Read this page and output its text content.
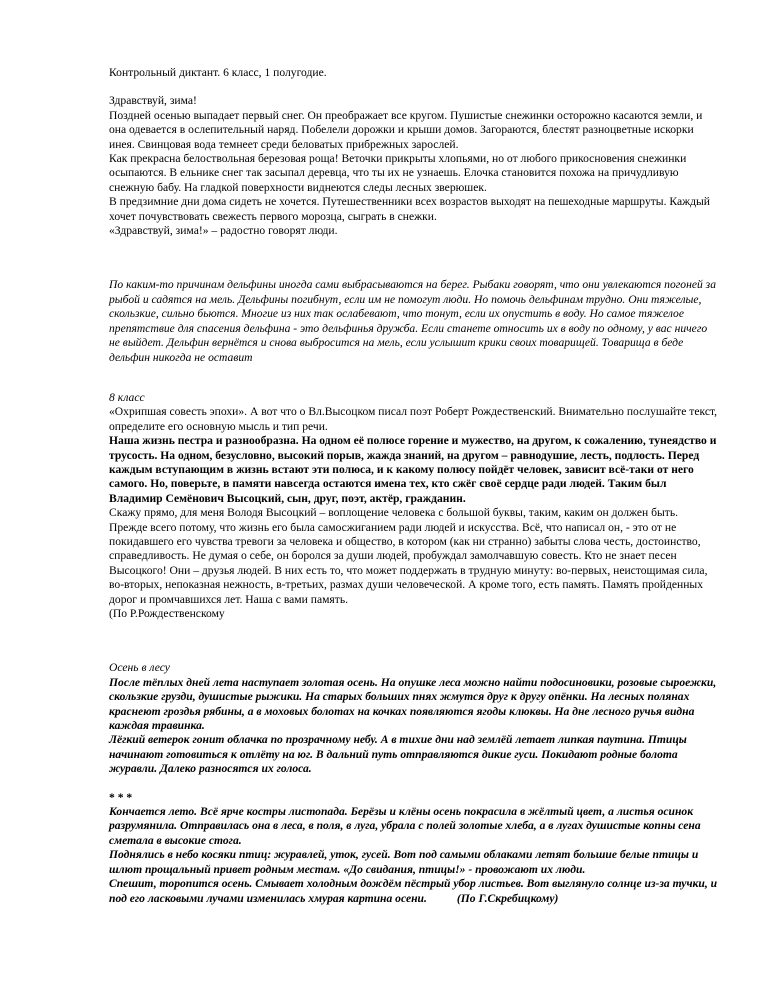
Контрольный диктант. 6 класс, 1 полугодие.

Здравствуй, зима!

Поздней осенью выпадает первый снег. Он преображает все кругом. Пушистые снежинки осторожно касаются земли, и она одевается в ослепительный наряд. Побелели дорожки и крыши домов. Загораются, блестят разноцветные искорки инея. Свинцовая вода темнеет среди беловатых прибрежных зарослей.

Как прекрасна белоствольная березовая роща! Веточки прикрыты хлопьями, но от любого прикосновения снежинки осыпаются. В ельнике снег так засыпал деревца, что ты их не узнаешь. Елочка становится похожа на причудливую снежную бабу. На гладкой поверхности виднеются следы лесных зверюшек.

В предзимние дни дома сидеть не хочется. Путешественники всех возрастов выходят на пешеходные маршруты. Каждый хочет почувствовать свежесть первого морозца, сыграть в снежки.

«Здравствуй, зима!» – радостно говорят люди.

По каким-то причинам дельфины иногда сами выбрасываются на берег. Рыбаки говорят, что они увлекаются погоней за рыбой и садятся на мель. Дельфины погибнут, если им не помогут люди. Но помочь дельфинам трудно. Они тяжелые, скользкие, сильно бьются. Многие из них так ослабевают, что тонут, если их опустить в воду. Но самое тяжелое препятствие для спасения дельфина - это дельфинья дружба. Если станете относить их в воду по одному, у вас ничего не выйдет. Дельфин вернётся и снова выбросится на мель, если услышит крики своих товарищей. Товарища в беде дельфин никогда не оставит

8 класс

«Охрипшая совесть эпохи». А вот что о Вл.Высоцком писал поэт Роберт Рождественский. Внимательно послушайте текст, определите его основную мысль и тип речи.

Наша жизнь пестра и разнообразна. На одном её полюсе горение и мужество, на другом, к сожалению, тунеядство и трусость. На одном, безусловно, высокий порыв, жажда знаний, на другом – равнодушие, лесть, подлость. Перед каждым вступающим в жизнь встают эти полюса, и к какому полюсу пойдёт человек, зависит всё-таки от него самого. Но, поверьте, в памяти навсегда остаются имена тех, кто сжёг своё сердце ради людей. Таким был Владимир Семёнович Высоцкий, сын, друг, поэт, актёр, гражданин.

Скажу прямо, для меня Володя Высоцкий – воплощение человека с большой буквы, таким, каким он должен быть. Прежде всего потому, что жизнь его была самосжиганием ради людей и искусства. Всё, что написал он, - это от не покидавшего его чувства тревоги за человека и общество, в котором (как ни странно) забыты слова честь, достоинство, справедливость. Не думая о себе, он боролся за души людей, пробуждал замолчавшую совесть. Кто не знает песен Высоцкого! Они – друзья людей. В них есть то, что может поддержать в трудную минуту: во-первых, неистощимая сила, во-вторых, непоказная нежность, в-третьих, размах души человеческой. А кроме того, есть память. Память пройденных дорог и промчавшихся лет. Наша с вами память.

(По Р.Рождественскому

Осень в лесу

После тёплых дней лета наступает золотая осень. На опушке леса можно найти подосиновики, розовые сыроежки, скользкие грузди, душистые рыжики. На старых больших пнях жмутся друг к другу опёнки. На лесных полянах краснеют гроздья рябины, а в моховых болотах на кочках появляются ягоды клюквы. На дне лесного ручья видна каждая травинка.

Лёгкий ветерок гонит облачка по прозрачному небу. А в тихие дни над землёй летает липкая паутина. Птицы начинают готовиться к отлёту на юг. В дальний путь отправляются дикие гуси. Покидают родные болота журавли. Далеко разносятся их голоса.

* * *

Кончается лето. Всё ярче костры листопада. Берёзы и клёны осень покрасила в жёлтый цвет, а листья осинок разрумянила. Отправилась она в леса, в поля, в луга, убрала с полей золотые хлеба, а в лугах душистые копны сена сметала в высокие стога.

Поднялись в небо косяки птиц: журавлей, уток, гусей. Вот под самыми облаками летят большие белые птицы и шлют прощальный привет родным местам. «До свидания, птицы!» - провожают их люди.

Спешит, торопится осень. Смывает холодным дождём пёстрый убор листьев. Вот выглянуло солнце из-за тучки, и под его ласковыми лучами изменилась хмурая картина осени.	(По Г.Скребицкому)
